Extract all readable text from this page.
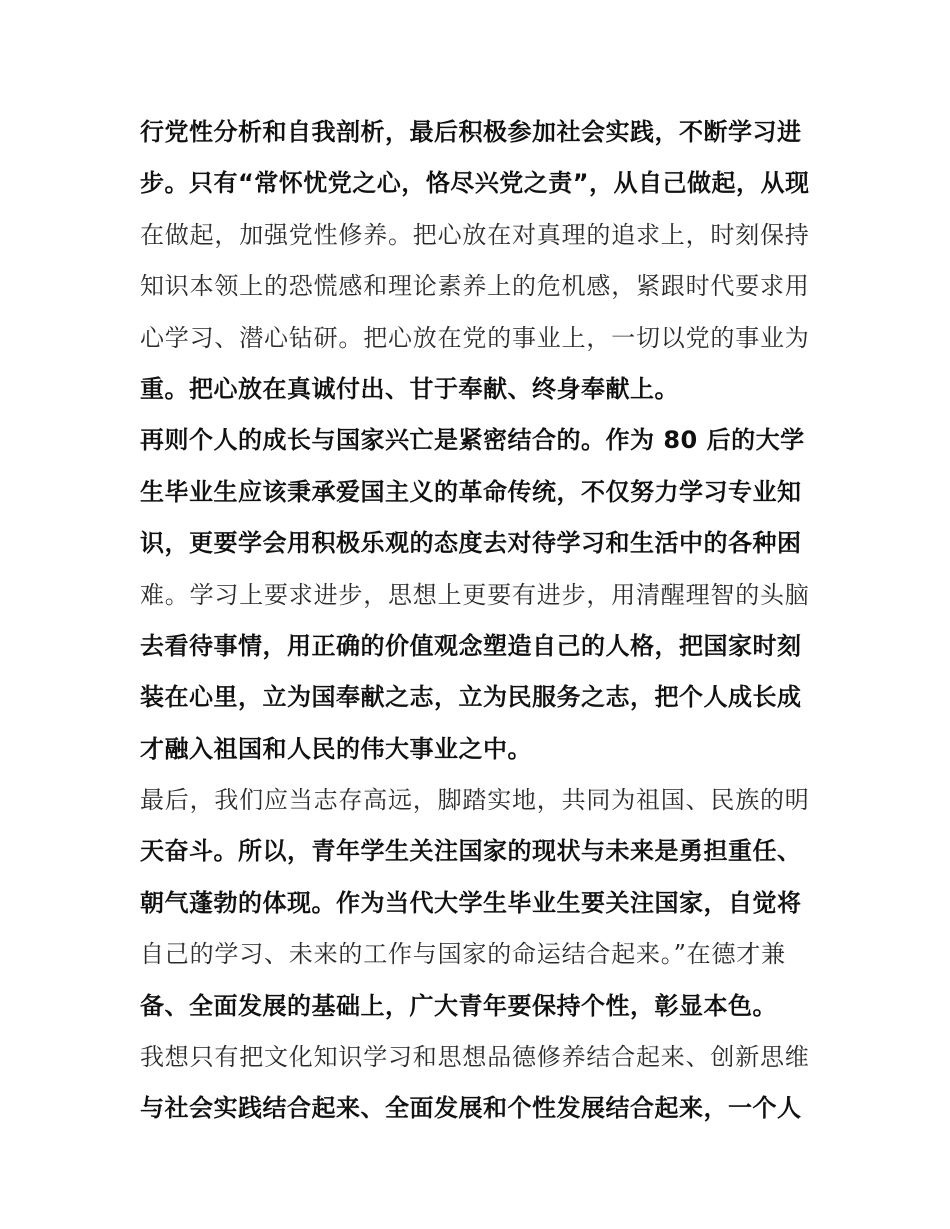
行党性分析和自我剖析，最后积极参加社会实践，不断学习进
步。只有“常怀忧党之心，恪尽兴党之责”，从自己做起，从现
在做起，加强党性修养。把心放在对真理的追求上，时刻保持
知识本领上的恐慌感和理论素养上的危机感，紧跟时代要求用
心学习、潜心钻研。把心放在党的事业上，一切以党的事业为
重。把心放在真诚付出、甘于奉献、终身奉献上。
再则个人的成长与国家兴亡是紧密结合的。作为 80 后的大学
生毕业生应该秉承爱国主义的革命传统，不仅努力学习专业知
识，更要学会用积极乐观的态度去对待学习和生活中的各种困
难。学习上要求进步，思想上更要有进步，用清醒理智的头脑
去看待事情，用正确的价值观念塑造自己的人格，把国家时刻
装在心里，立为国奉献之志，立为民服务之志，把个人成长成
才融入祖国和人民的伟大事业之中。
最后，我们应当志存高远，脚踏实地，共同为祖国、民族的明
天奋斗。所以，青年学生关注国家的现状与未来是勇担重任、
朝气蓬勃的体现。作为当代大学生毕业生要关注国家，自觉将
自己的学习、未来的工作与国家的命运结合起来。”在德才兼
备、全面发展的基础上，广大青年要保持个性，彰显本色。
我想只有把文化知识学习和思想品德修养结合起来、创新思维
与社会实践结合起来、全面发展和个性发展结合起来，一个人
